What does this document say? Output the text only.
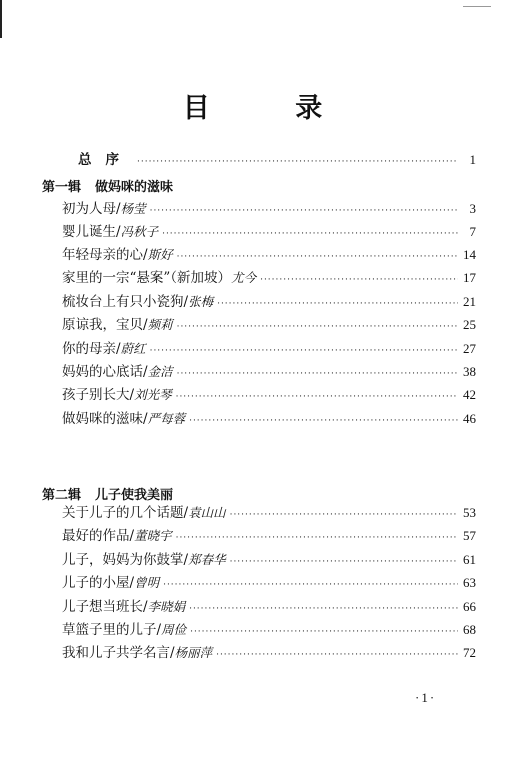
目 录
总序 ·····	1
第一辑 做妈咪的滋味
初为人母/杨莹 ·····	3
婴儿诞生/冯秋子 ·····	7
年轻母亲的心/斯好 ·····	14
家里的一宗“悬案”（新加坡）尤今 ·····	17
梳妆台上有只小瓷狗/张梅 ·····	21
原谅我，宝贝/频莉 ·····	25
你的母亲/蔚红 ·····	27
妈妈的心底话/金洁 ·····	38
孩子别长大/刘光琴 ·····	42
做妈咪的滋味/严每蓉 ·····	46
第二辑 儿子使我美丽
关于儿子的几个话题/袁山山 ·····	53
最好的作品/董晓宇 ·····	57
儿子，妈妈为你鼓掌/郑春华 ·····	61
儿子的小屋/曾明 ·····	63
儿子想当班长/李晓娟 ·····	66
草篮子里的儿子/周俭 ·····	68
我和儿子共学名言/杨丽萍 ·····	72
·1·
